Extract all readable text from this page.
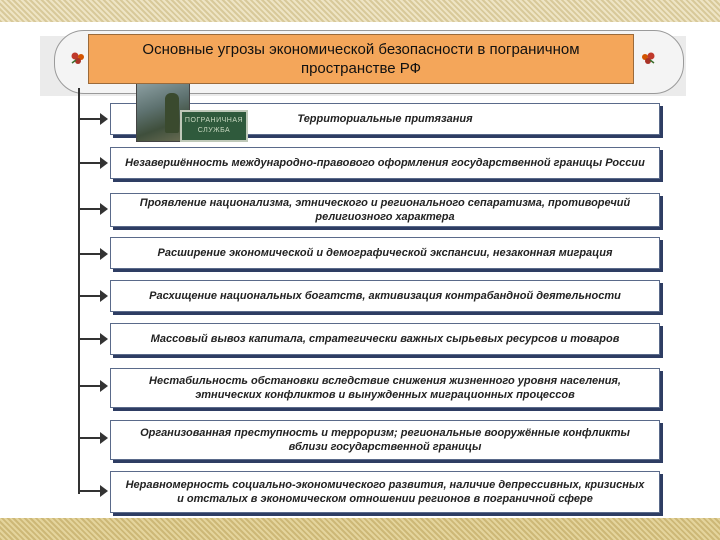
Территориальные притязания
Незавершённость международно-правового оформления государственной границы России
Проявление национализма, этнического и регионального сепаратизма, противоречий религиозного характера
Расширение экономической и демографической экспансии, незаконная миграция
Расхищение национальных богатств, активизация контрабандной деятельности
Массовый вывоз капитала, стратегически важных сырьевых ресурсов и товаров
Нестабильность обстановки вследствие снижения жизненного уровня населения, этнических конфликтов и вынужденных миграционных процессов
Организованная преступность и терроризм; региональные вооружённые конфликты вблизи государственной границы
Неравномерность социально-экономического развития, наличие депрессивных, кризисных и отсталых в экономическом отношении регионов в пограничной сфере
ПОГРАНИЧНАЯ
СЛУЖБА
Основные угрозы экономической безопасности в пограничном пространстве РФ
